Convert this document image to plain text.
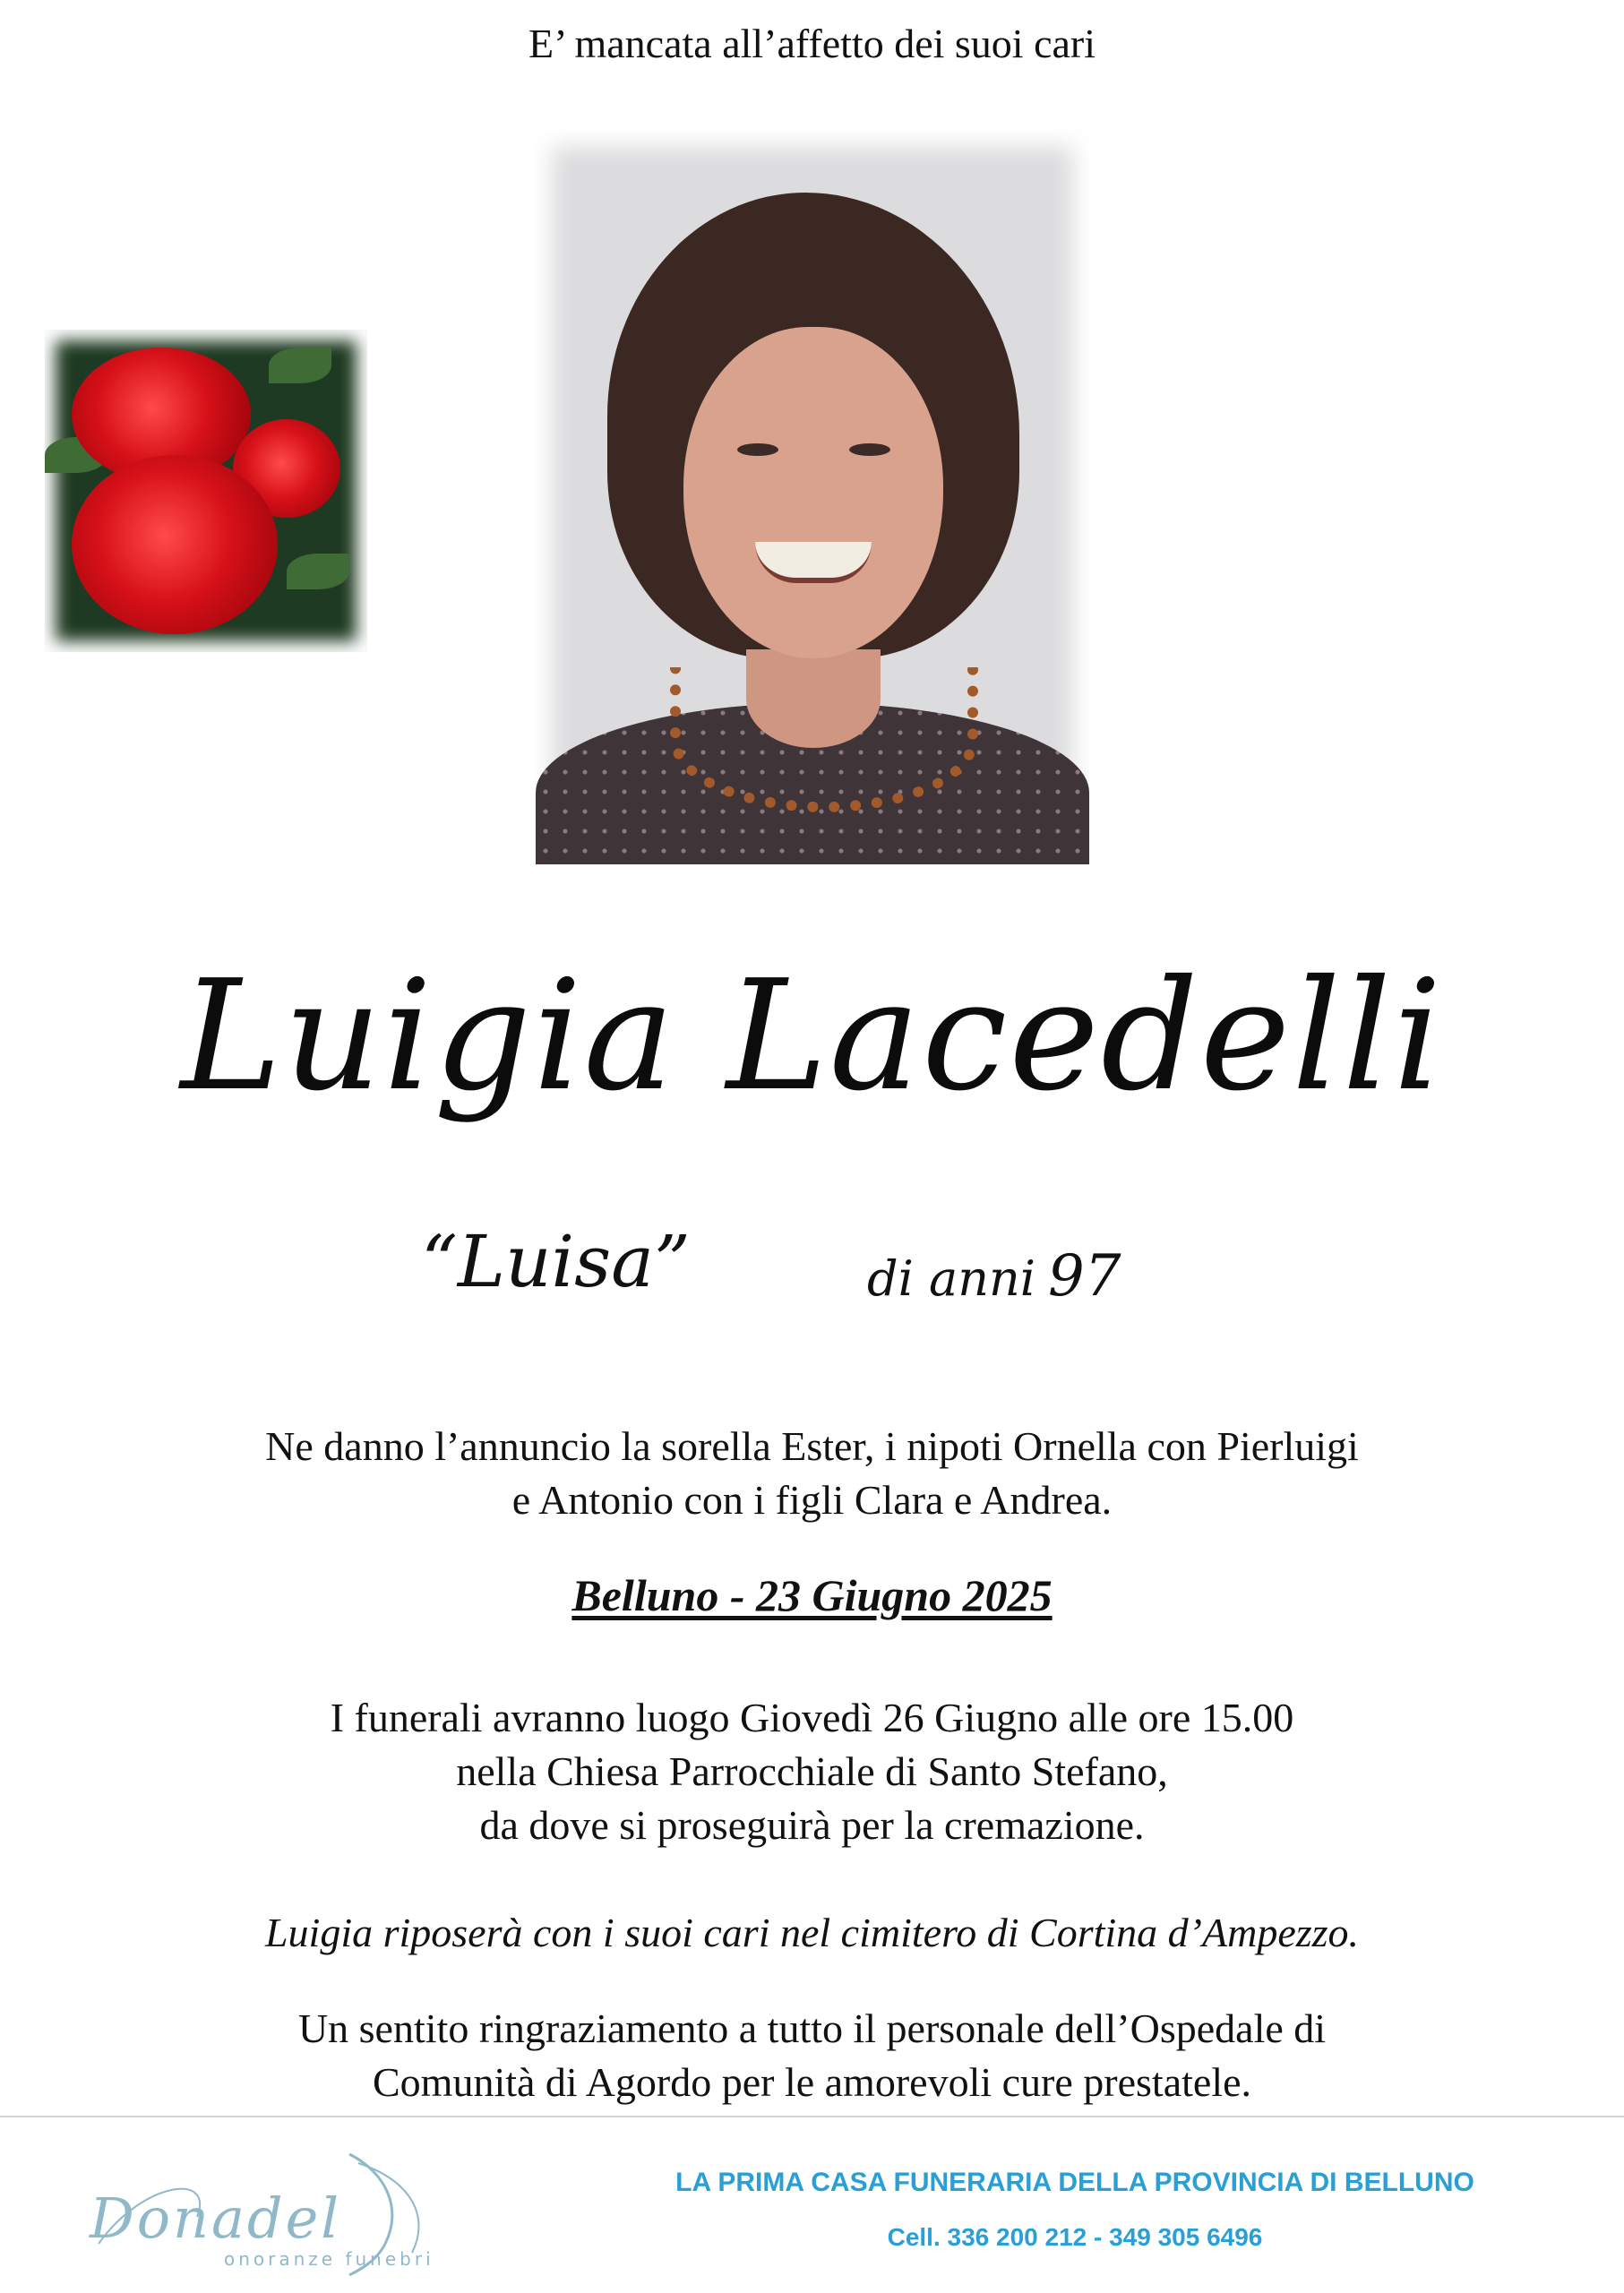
E’ mancata all’affetto dei suoi cari
Luigia Lacedelli
“Luisa”	di anni 97
Ne danno l’annuncio la sorella Ester, i nipoti Ornella con Pierluigi
e Antonio con i figli Clara e Andrea.
Belluno - 23 Giugno 2025
I funerali avranno luogo Giovedì 26 Giugno alle ore 15.00
nella Chiesa Parrocchiale di Santo Stefano,
da dove si proseguirà per la cremazione.
Luigia riposerà con i suoi cari nel cimitero di Cortina d’Ampezzo.
Un sentito ringraziamento a tutto il personale dell’Ospedale di
Comunità di Agordo per le amorevoli cure prestatele.
Donadel
onoranze funebri
LA PRIMA CASA FUNERARIA DELLA PROVINCIA DI BELLUNO
Cell. 336 200 212 - 349 305 6496
